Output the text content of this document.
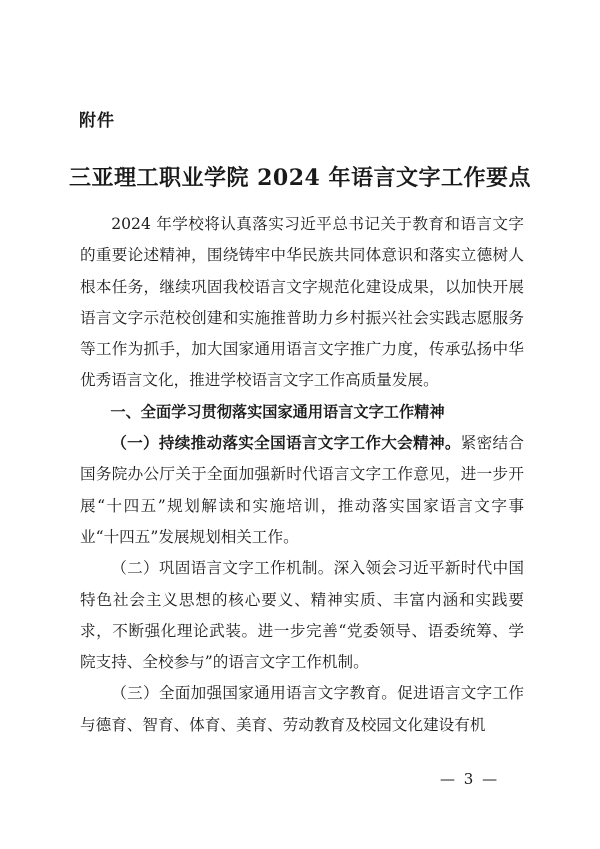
附件
三亚理工职业学院 2024 年语言文字工作要点

2024 年学校将认真落实习近平总书记关于教育和语言文字的重要论述精神，围绕铸牢中华民族共同体意识和落实立德树人根本任务，继续巩固我校语言文字规范化建设成果，以加快开展语言文字示范校创建和实施推普助力乡村振兴社会实践志愿服务等工作为抓手，加大国家通用语言文字推广力度，传承弘扬中华优秀语言文化，推进学校语言文字工作高质量发展。

一、全面学习贯彻落实国家通用语言文字工作精神

（一）持续推动落实全国语言文字工作大会精神。紧密结合国务院办公厅关于全面加强新时代语言文字工作意见，进一步开展“十四五”规划解读和实施培训，推动落实国家语言文字事业“十四五”发展规划相关工作。

（二）巩固语言文字工作机制。深入领会习近平新时代中国特色社会主义思想的核心要义、精神实质、丰富内涵和实践要求，不断强化理论武装。进一步完善“党委领导、语委统筹、学院支持、全校参与”的语言文字工作机制。

（三）全面加强国家通用语言文字教育。促进语言文字工作与德育、智育、体育、美育、劳动教育及校园文化建设有机

— 3 —
